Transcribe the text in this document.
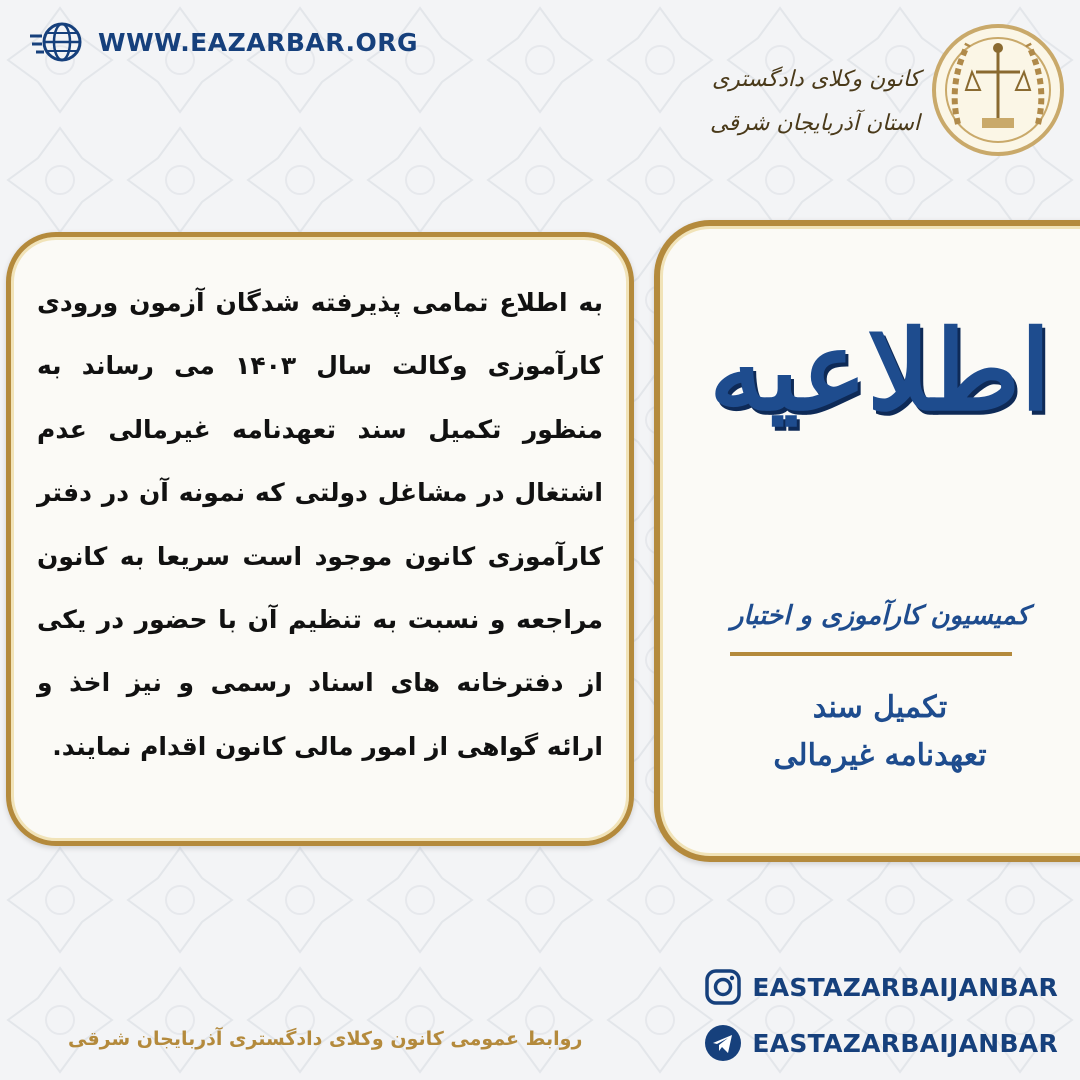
WWW.EAZARBAR.ORG
کانون وکلای دادگستری
استان آذربایجان شرقی
به اطلاع تمامی پذیرفته شدگان آزمون ورودی کارآموزی وکالت سال ۱۴۰۳ می رساند به منظور تکمیل سند تعهدنامه غیرمالی عدم اشتغال در مشاغل دولتی که نمونه آن در دفتر کارآموزی کانون موجود است سریعا به کانون مراجعه و نسبت به تنظیم آن با حضور در یکی از دفترخانه های اسناد رسمی و نیز اخذ و ارائه گواهی از امور مالی کانون اقدام نمایند.
اطلاعیه
کمیسیون کارآموزی و اختبار
تکمیل سند
تعهدنامه غیرمالی
EASTAZARBAIJANBAR
EASTAZARBAIJANBAR
روابط عمومی کانون وکلای دادگستری آذربایجان شرقی
